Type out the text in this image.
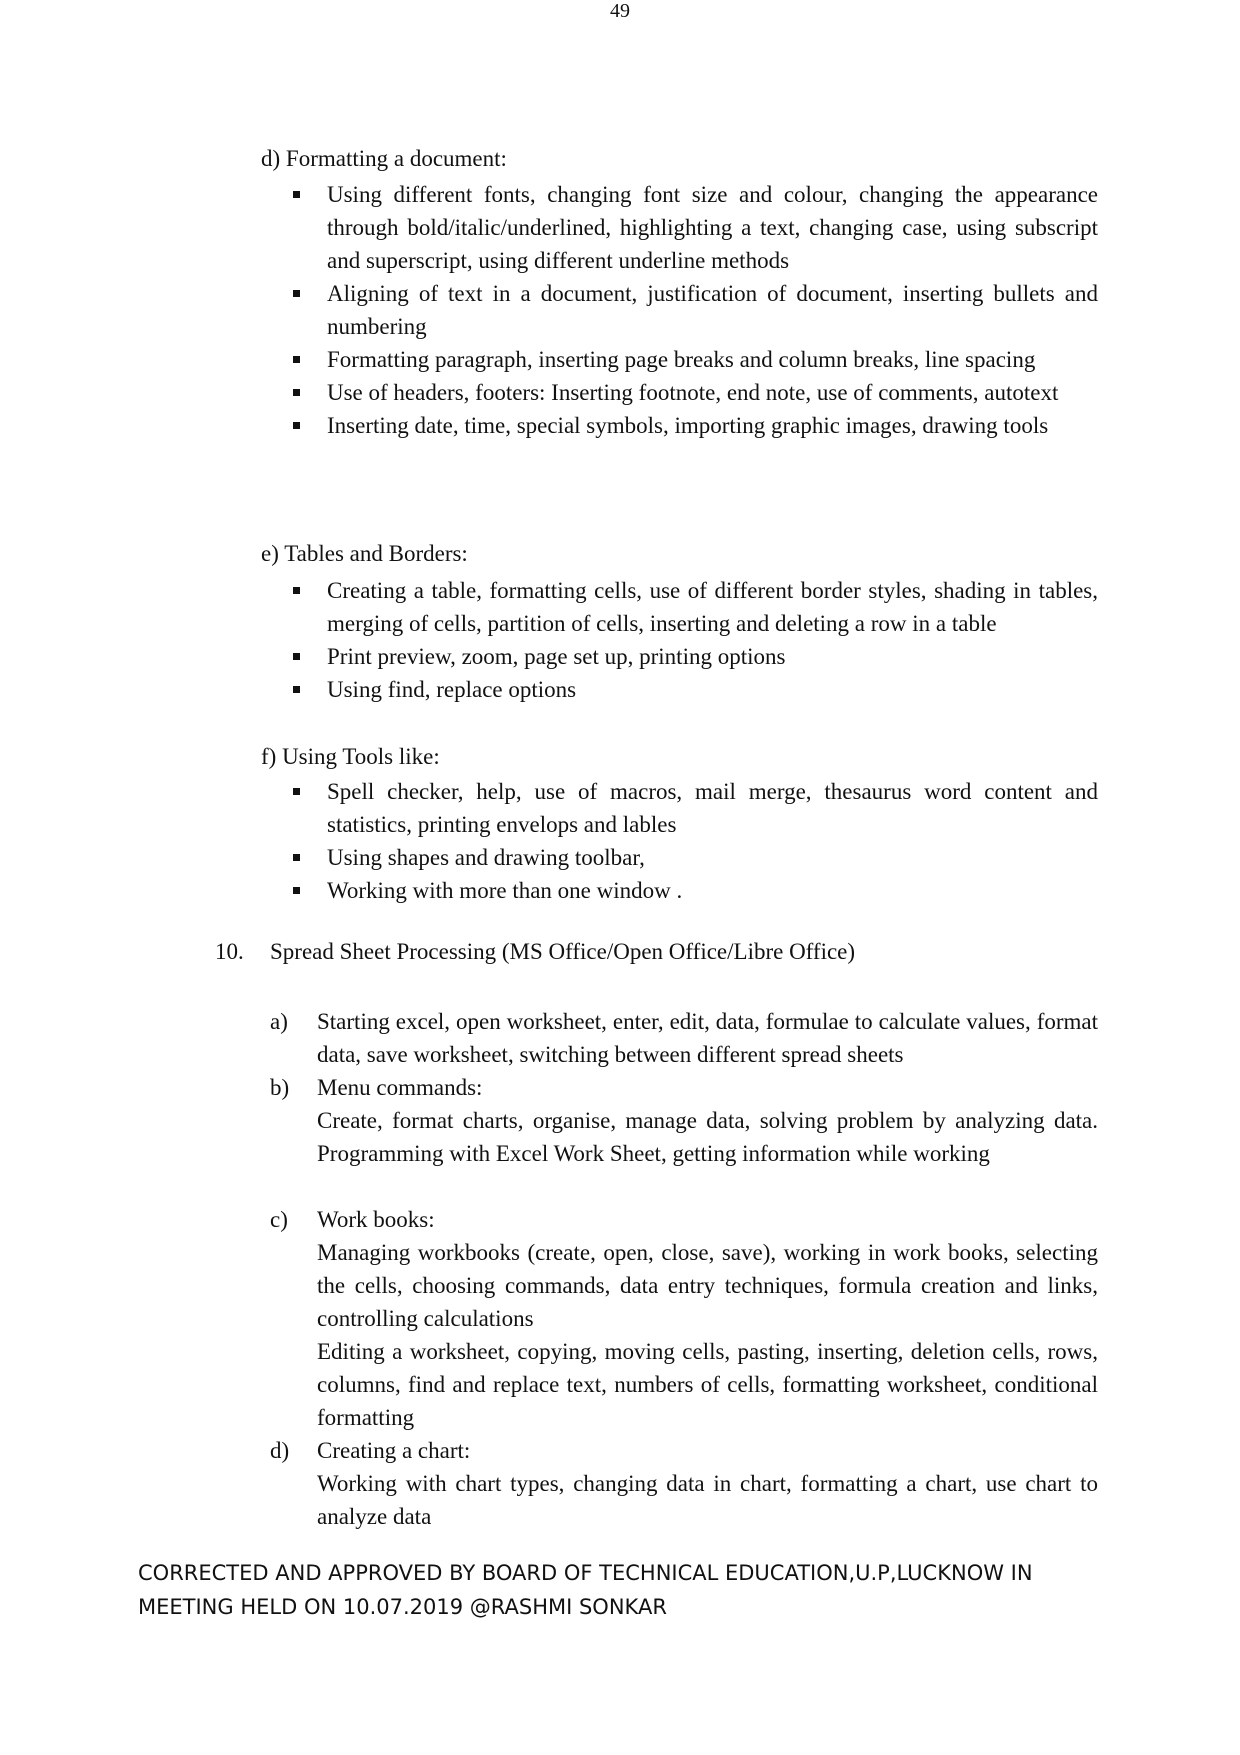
49
d) Formatting a document:
Using different fonts, changing font size and colour, changing the appearance through bold/italic/underlined, highlighting a text, changing case, using subscript and superscript, using different underline methods
Aligning of text in a document, justification of document, inserting bullets and numbering
Formatting paragraph, inserting page breaks and column breaks, line spacing
Use of headers, footers: Inserting footnote, end note, use of comments, autotext
Inserting date, time, special symbols, importing graphic images, drawing tools
e) Tables and Borders:
Creating a table, formatting cells, use of different border styles, shading in tables, merging of cells, partition of cells, inserting and deleting a row in a table
Print preview, zoom, page set up, printing options
Using find, replace options
f) Using Tools like:
Spell checker, help, use of macros, mail merge, thesaurus word content and statistics, printing envelops and lables
Using shapes and drawing toolbar,
Working with more than one window .
10. Spread Sheet Processing (MS Office/Open Office/Libre Office)
a) Starting excel, open worksheet, enter, edit, data, formulae to calculate values, format data, save worksheet, switching between different spread sheets

b) Menu commands:

Create, format charts, organise, manage data, solving problem by analyzing data. Programming with Excel Work Sheet, getting information while working

c) Work books:

Managing workbooks (create, open, close, save), working in work books, selecting the cells, choosing commands, data entry techniques, formula creation and links, controlling calculations

Editing a worksheet, copying, moving cells, pasting, inserting, deletion cells, rows, columns, find and replace text, numbers of cells, formatting worksheet, conditional formatting

d) Creating a chart:

Working with chart types, changing data in chart, formatting a chart, use chart to analyze data

CORRECTED AND APPROVED BY BOARD OF TECHNICAL EDUCATION,U.P,LUCKNOW IN
MEETING HELD ON 10.07.2019 @RASHMI SONKAR
